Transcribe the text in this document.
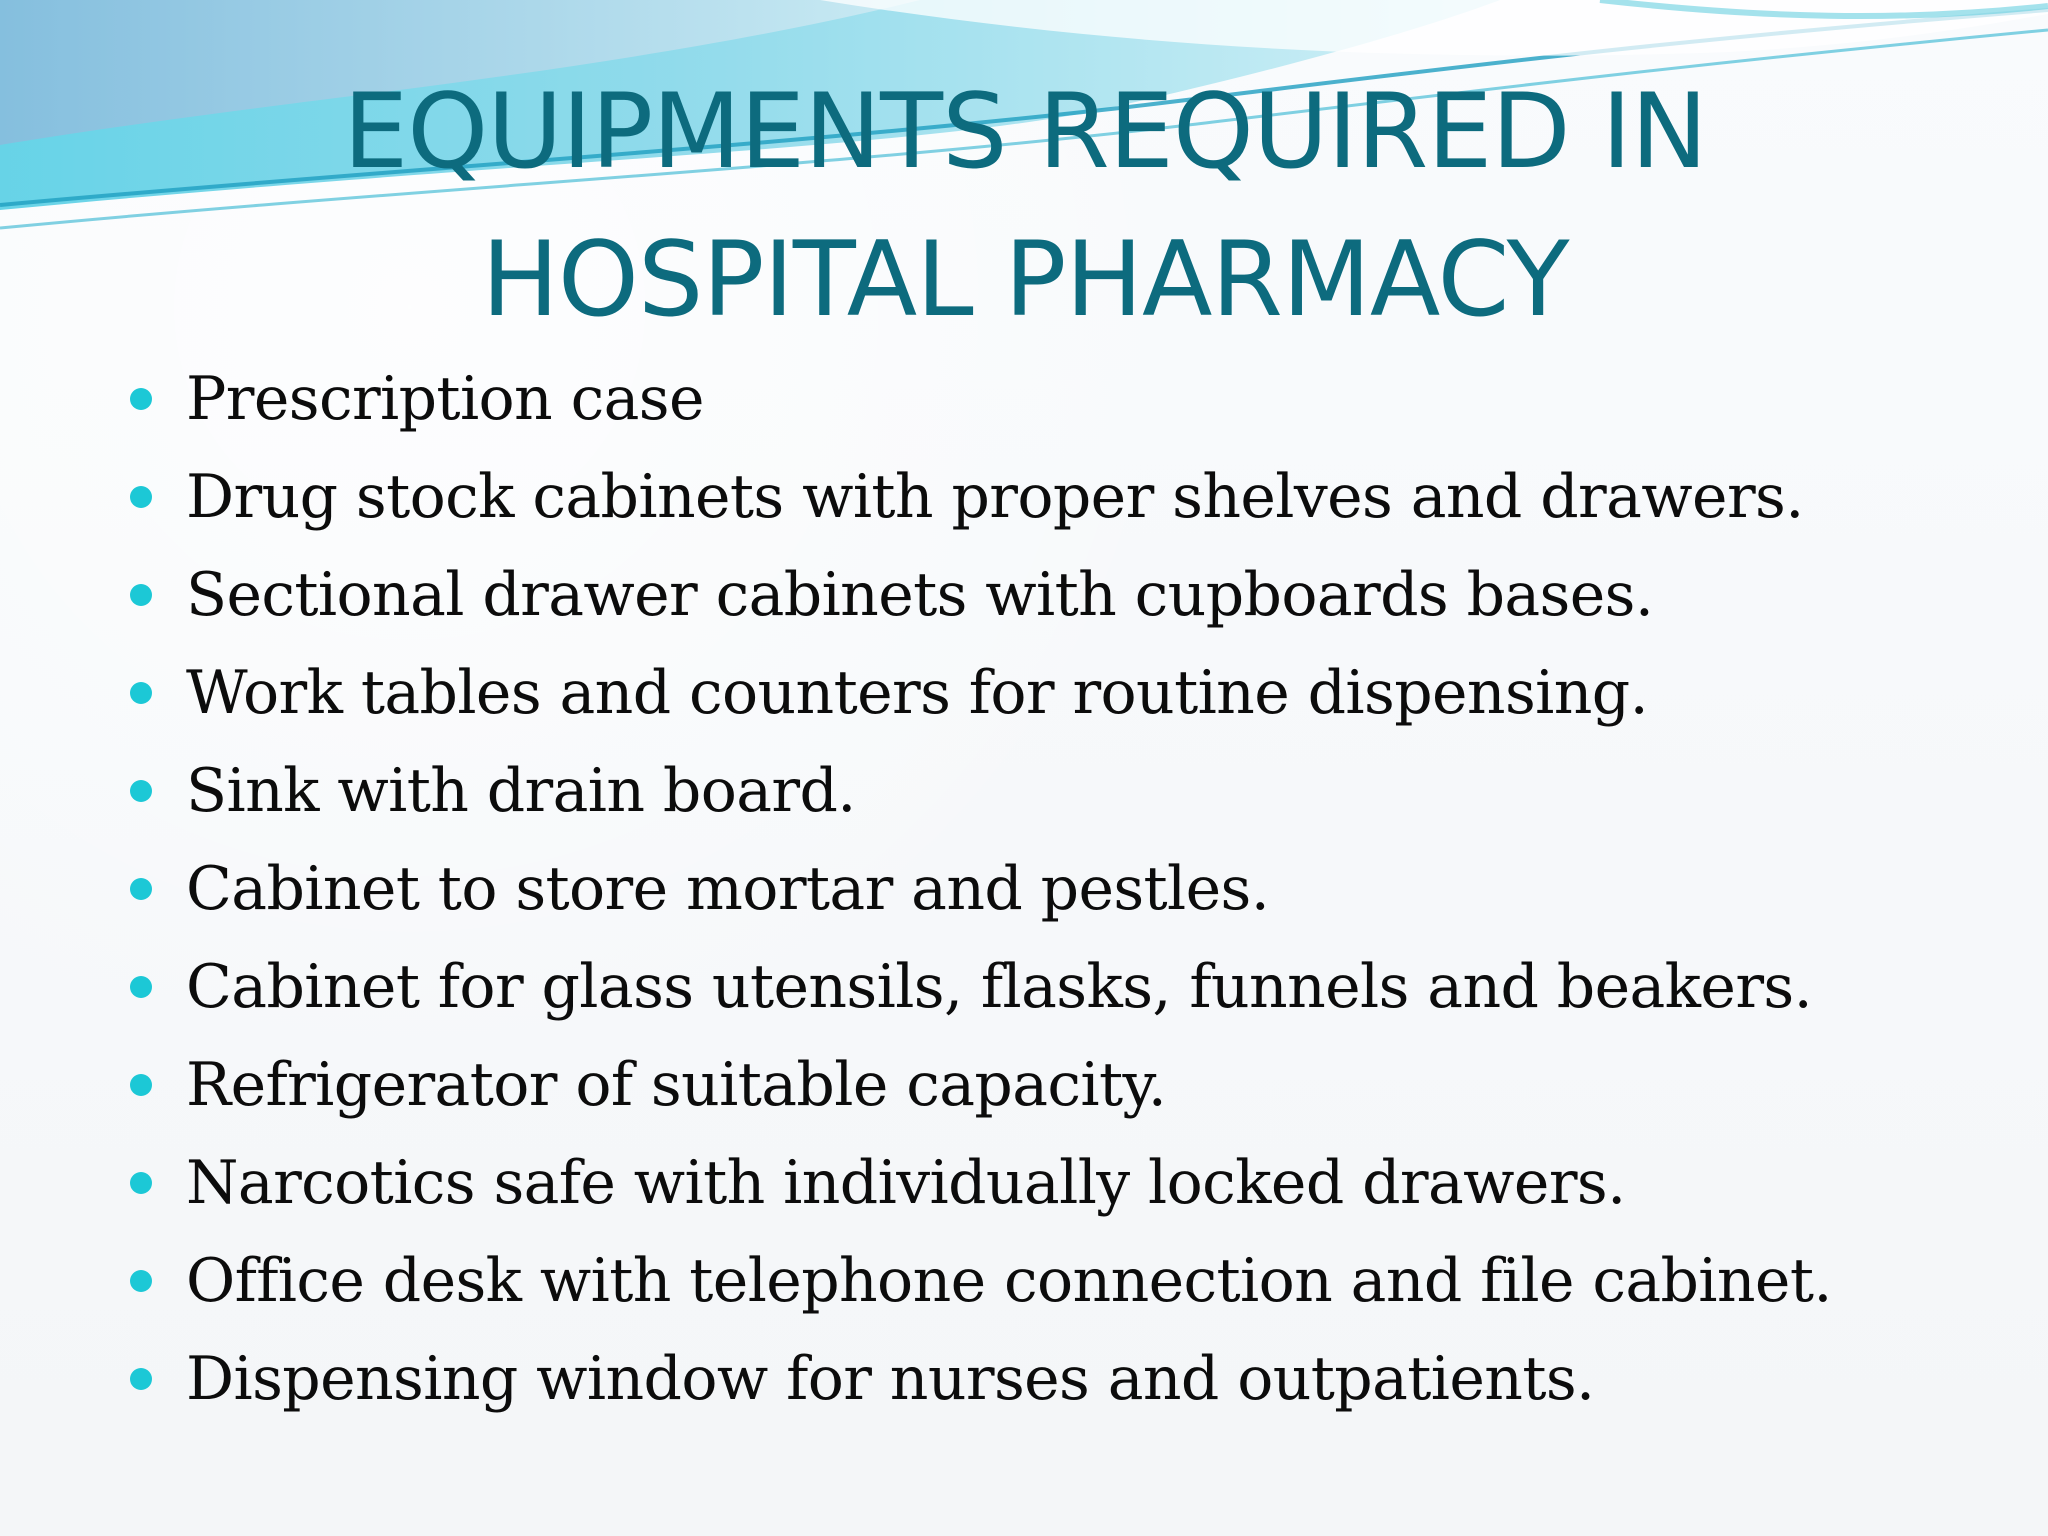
EQUIPMENTS REQUIRED IN
HOSPITAL PHARMACY
Prescription case
Drug stock cabinets with proper shelves and drawers.
Sectional drawer cabinets with cupboards bases.
Work tables and counters for routine dispensing.
Sink with drain board.
Cabinet to store mortar and pestles.
Cabinet for glass utensils, flasks, funnels and beakers.
Refrigerator of suitable capacity.
Narcotics safe with individually locked drawers.
Office desk with telephone connection and file cabinet.
Dispensing window for nurses and outpatients.
